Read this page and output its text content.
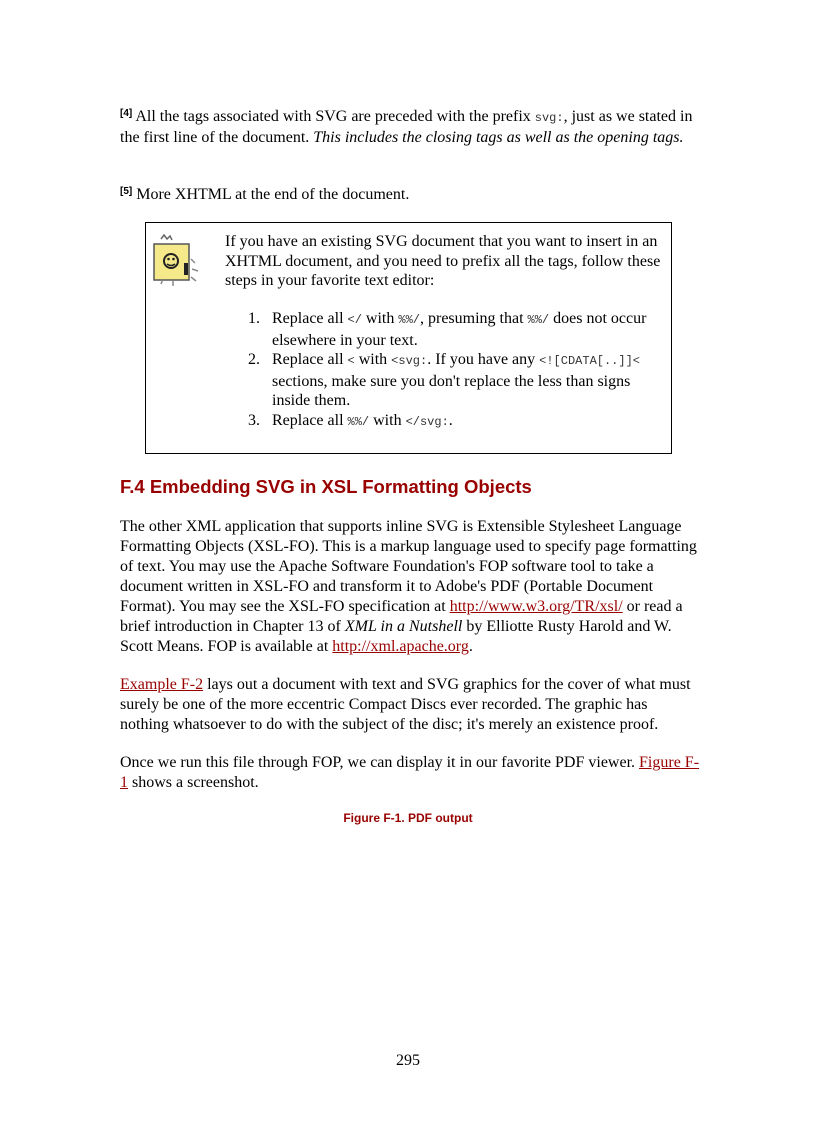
[4] All the tags associated with SVG are preceded with the prefix svg:, just as we stated in the first line of the document. This includes the closing tags as well as the opening tags.

[5] More XHTML at the end of the document.

If you have an existing SVG document that you want to insert in an XHTML document, and you need to prefix all the tags, follow these steps in your favorite text editor:

1. Replace all </ with %%/, presuming that %%/ does not occur elsewhere in your text.
2. Replace all < with <svg:. If you have any <![CDATA[..]]< sections, make sure you don't replace the less than signs inside them.
3. Replace all %%/ with </svg:.
F.4 Embedding SVG in XSL Formatting Objects

The other XML application that supports inline SVG is Extensible Stylesheet Language Formatting Objects (XSL-FO). This is a markup language used to specify page formatting of text. You may use the Apache Software Foundation's FOP software tool to take a document written in XSL-FO and transform it to Adobe's PDF (Portable Document Format). You may see the XSL-FO specification at http://www.w3.org/TR/xsl/ or read a brief introduction in Chapter 13 of XML in a Nutshell by Elliotte Rusty Harold and W. Scott Means. FOP is available at http://xml.apache.org.

Example F-2 lays out a document with text and SVG graphics for the cover of what must surely be one of the more eccentric Compact Discs ever recorded. The graphic has nothing whatsoever to do with the subject of the disc; it's merely an existence proof.

Once we run this file through FOP, we can display it in our favorite PDF viewer. Figure F-1 shows a screenshot.

Figure F-1. PDF output

295
